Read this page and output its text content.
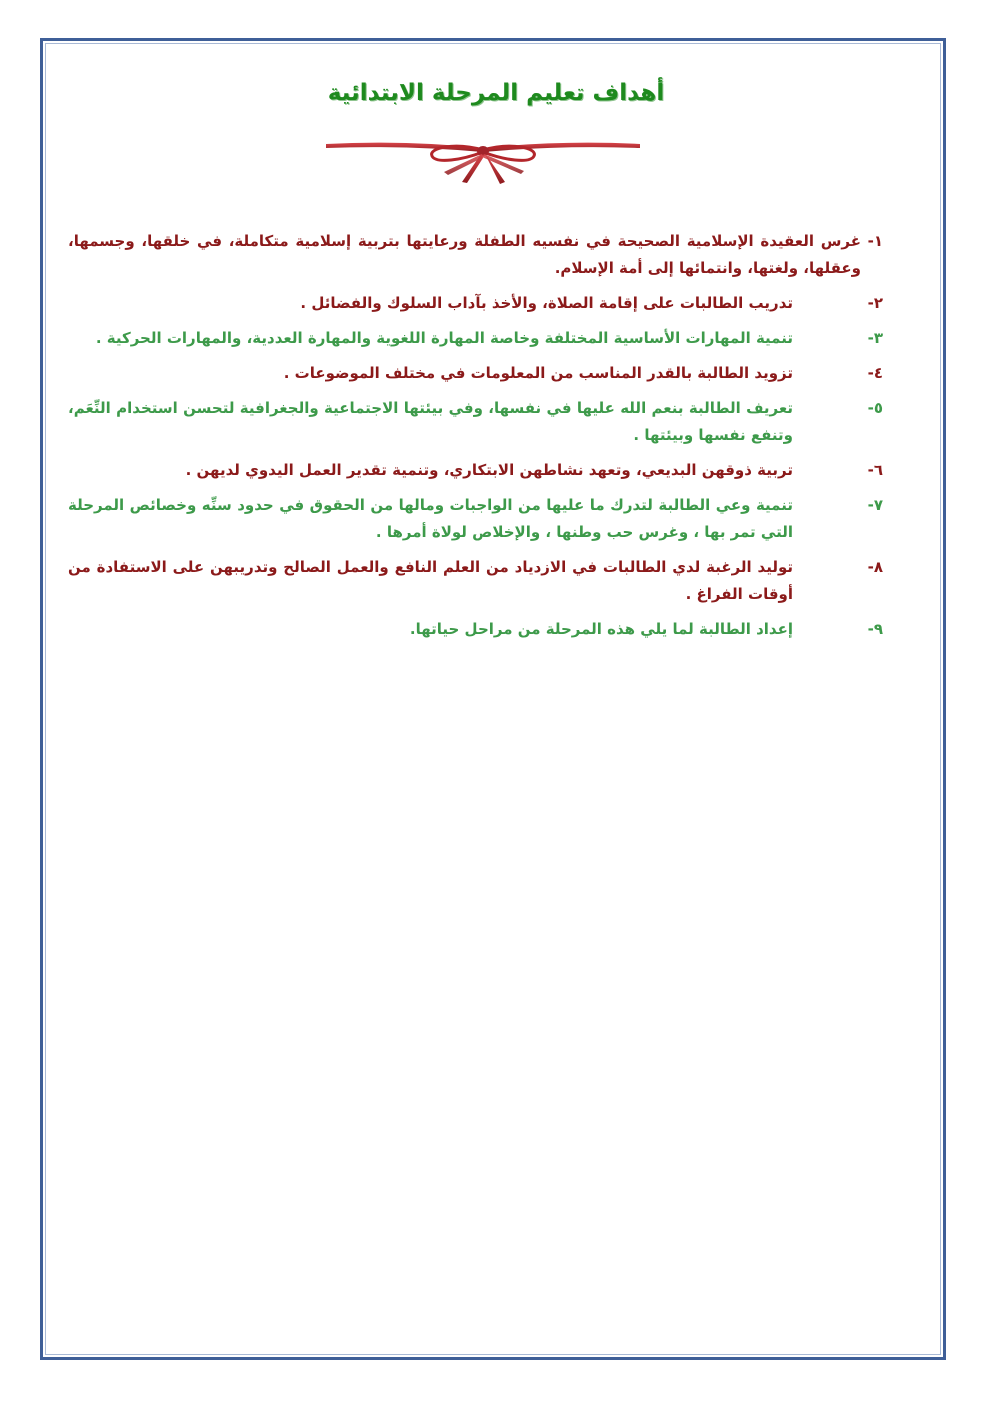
أهداف تعليم المرحلة الابتدائية
١-
غرس العقيدة الإسلامية الصحيحة في نفسيه الطفلة ورعايتها بتربية إسلامية متكاملة، في خلقها، وجسمها، وعقلها، ولغتها، وانتمائها إلى أمة الإسلام.
٢-
تدريب الطالبات على إقامة الصلاة، والأخذ بآداب السلوك والفضائل .
٣-
تنمية المهارات الأساسية المختلفة وخاصة المهارة اللغوية والمهارة العددية، والمهارات الحركية .
٤-
تزويد الطالبة بالقدر المناسب من المعلومات في مختلف الموضوعات .
٥-
تعريف الطالبة بنعم الله عليها في نفسها، وفي بيئتها الاجتماعية والجغرافية لتحسن استخدام النِّعَم، وتنفع نفسها وبيئتها .
٦-
تربية ذوقهن البديعي، وتعهد نشاطهن الابتكاري، وتنمية تقدير العمل اليدوي لديهن .
٧-
تنمية وعي الطالبة لتدرك ما عليها من الواجبات ومالها من الحقوق في حدود سنِّه وخصائص المرحلة التي تمر بها ، وغرس حب وطنها ، والإخلاص لولاة أمرها .
٨-
توليد الرغبة لدي الطالبات في الازدياد من العلم النافع والعمل الصالح وتدريبهن على الاستفادة من أوقات الفراغ .
٩-
إعداد الطالبة لما يلي هذه المرحلة من مراحل حياتها.
